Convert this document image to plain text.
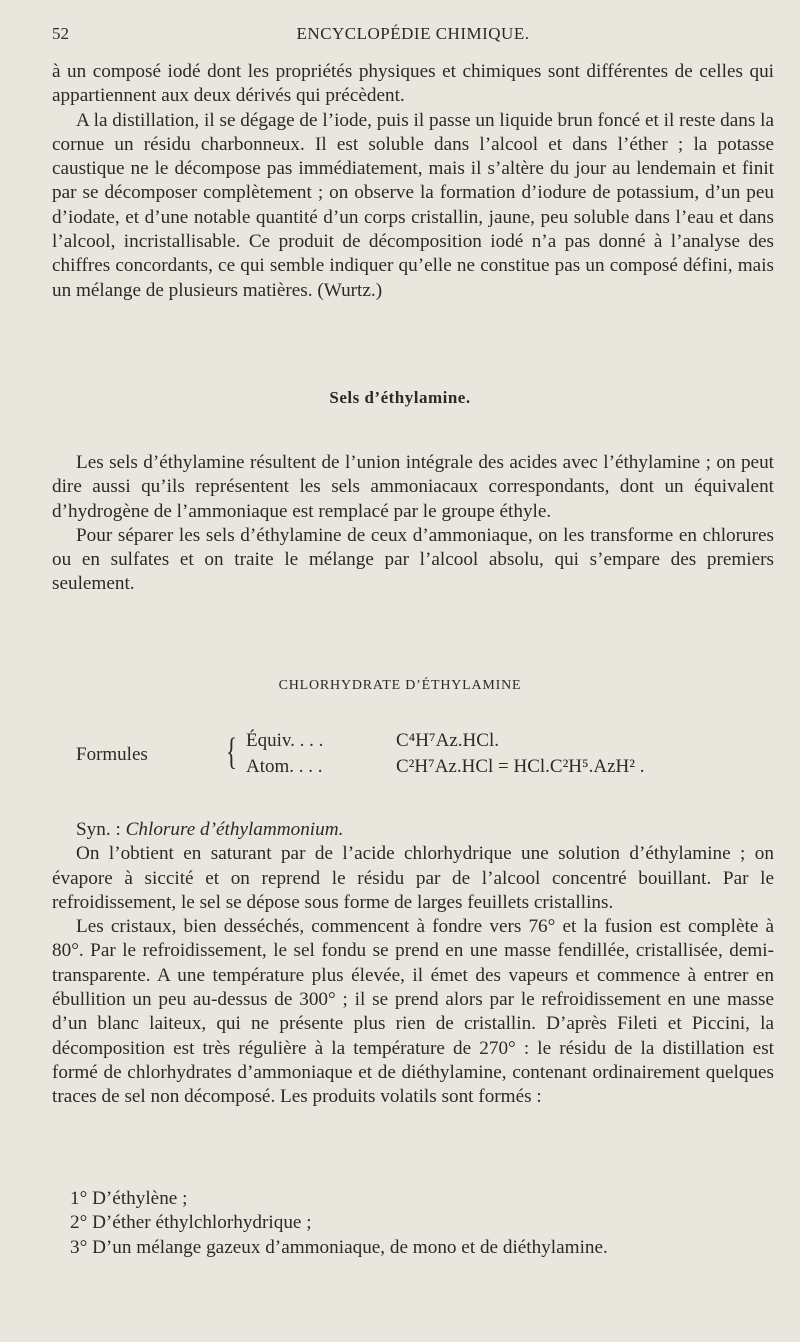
52	ENCYCLOPÉDIE CHIMIQUE.

à un composé iodé dont les propriétés physiques et chimiques sont différentes de celles qui appartiennent aux deux dérivés qui précèdent.

A la distillation, il se dégage de l’iode, puis il passe un liquide brun foncé et il reste dans la cornue un résidu charbonneux. Il est soluble dans l’alcool et dans l’éther ; la potasse caustique ne le décompose pas immédiatement, mais il s’altère du jour au lendemain et finit par se décomposer complètement ; on observe la formation d’iodure de potassium, d’un peu d’iodate, et d’une notable quantité d’un corps cristallin, jaune, peu soluble dans l’eau et dans l’alcool, incristallisable. Ce produit de décomposition iodé n’a pas donné à l’analyse des chiffres concordants, ce qui semble indiquer qu’elle ne constitue pas un composé défini, mais un mélange de plusieurs matières. (Wurtz.)

Sels d’éthylamine.

Les sels d’éthylamine résultent de l’union intégrale des acides avec l’éthylamine ; on peut dire aussi qu’ils représentent les sels ammoniacaux correspondants, dont un équivalent d’hydrogène de l’ammoniaque est remplacé par le groupe éthyle.

Pour séparer les sels d’éthylamine de ceux d’ammoniaque, on les transforme en chlorures ou en sulfates et on traite le mélange par l’alcool absolu, qui s’empare des premiers seulement.

CHLORHYDRATE D’ÉTHYLAMINE
Formules { Équiv. . . .	C⁴H⁷Az.HCl.
Atom. . . .	C²H⁷Az.HCl = HCl.C²H⁵.AzH² .

Syn. : Chlorure d’éthylammonium.

On l’obtient en saturant par de l’acide chlorhydrique une solution d’éthylamine ; on évapore à siccité et on reprend le résidu par de l’alcool concentré bouillant. Par le refroidissement, le sel se dépose sous forme de larges feuillets cristallins.

Les cristaux, bien desséchés, commencent à fondre vers 76° et la fusion est complète à 80°. Par le refroidissement, le sel fondu se prend en une masse fendillée, cristallisée, demi-transparente. A une température plus élevée, il émet des vapeurs et commence à entrer en ébullition un peu au-dessus de 300° ; il se prend alors par le refroidissement en une masse d’un blanc laiteux, qui ne présente plus rien de cristallin. D’après Fileti et Piccini, la décomposition est très régulière à la température de 270° : le résidu de la distillation est formé de chlorhydrates d’ammoniaque et de diéthylamine, contenant ordinairement quelques traces de sel non décomposé. Les produits volatils sont formés :

1° D’éthylène ;
2° D’éther éthylchlorhydrique ;
3° D’un mélange gazeux d’ammoniaque, de mono et de diéthylamine.
